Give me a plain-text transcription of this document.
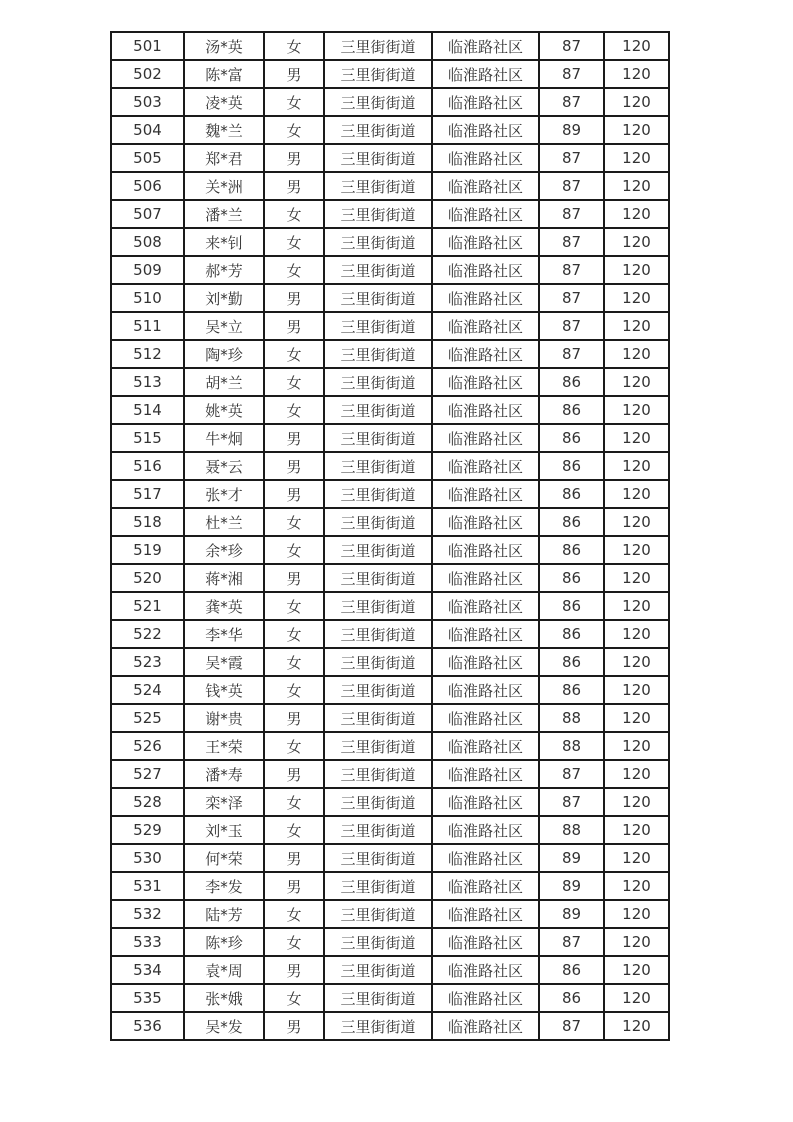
501	汤*英	女	三里街街道	临淮路社区	87	120
502	陈*富	男	三里街街道	临淮路社区	87	120
503	凌*英	女	三里街街道	临淮路社区	87	120
504	魏*兰	女	三里街街道	临淮路社区	89	120
505	郑*君	男	三里街街道	临淮路社区	87	120
506	关*洲	男	三里街街道	临淮路社区	87	120
507	潘*兰	女	三里街街道	临淮路社区	87	120
508	来*钊	女	三里街街道	临淮路社区	87	120
509	郝*芳	女	三里街街道	临淮路社区	87	120
510	刘*勤	男	三里街街道	临淮路社区	87	120
511	吴*立	男	三里街街道	临淮路社区	87	120
512	陶*珍	女	三里街街道	临淮路社区	87	120
513	胡*兰	女	三里街街道	临淮路社区	86	120
514	姚*英	女	三里街街道	临淮路社区	86	120
515	牛*炯	男	三里街街道	临淮路社区	86	120
516	聂*云	男	三里街街道	临淮路社区	86	120
517	张*才	男	三里街街道	临淮路社区	86	120
518	杜*兰	女	三里街街道	临淮路社区	86	120
519	余*珍	女	三里街街道	临淮路社区	86	120
520	蒋*湘	男	三里街街道	临淮路社区	86	120
521	龚*英	女	三里街街道	临淮路社区	86	120
522	李*华	女	三里街街道	临淮路社区	86	120
523	吴*霞	女	三里街街道	临淮路社区	86	120
524	钱*英	女	三里街街道	临淮路社区	86	120
525	谢*贵	男	三里街街道	临淮路社区	88	120
526	王*荣	女	三里街街道	临淮路社区	88	120
527	潘*寿	男	三里街街道	临淮路社区	87	120
528	栾*泽	女	三里街街道	临淮路社区	87	120
529	刘*玉	女	三里街街道	临淮路社区	88	120
530	何*荣	男	三里街街道	临淮路社区	89	120
531	李*发	男	三里街街道	临淮路社区	89	120
532	陆*芳	女	三里街街道	临淮路社区	89	120
533	陈*珍	女	三里街街道	临淮路社区	87	120
534	袁*周	男	三里街街道	临淮路社区	86	120
535	张*娥	女	三里街街道	临淮路社区	86	120
536	吴*发	男	三里街街道	临淮路社区	87	120
